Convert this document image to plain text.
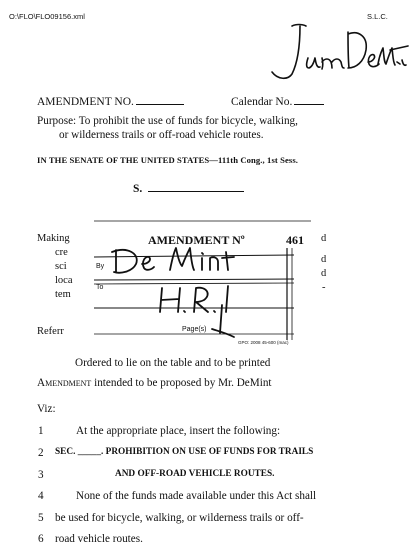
O:\FLO\FLO09156.xml	S.L.C.
AMENDMENT NO.	Calendar No.
Purpose: To prohibit the use of funds for bicycle, walking,
or wilderness trails or off-road vehicle routes.
IN THE SENATE OF THE UNITED STATES—111th Cong., 1st Sess.
S.
Making
cre
sci
loca
tem
d
d
d
-
Referr
AMENDMENT Nº	461
By
To
Page(s)
GPO: 2008 45-600 (mac)
Ordered to lie on the table and to be printed
Amendment intended to be proposed by Mr. DeMint
Viz:
1	At the appropriate place, insert the following:
2 SEC. _____. PROHIBITION ON USE OF FUNDS FOR TRAILS
3	AND OFF-ROAD VEHICLE ROUTES.
4	None of the funds made available under this Act shall
5 be used for bicycle, walking, or wilderness trails or off-
6 road vehicle routes.
